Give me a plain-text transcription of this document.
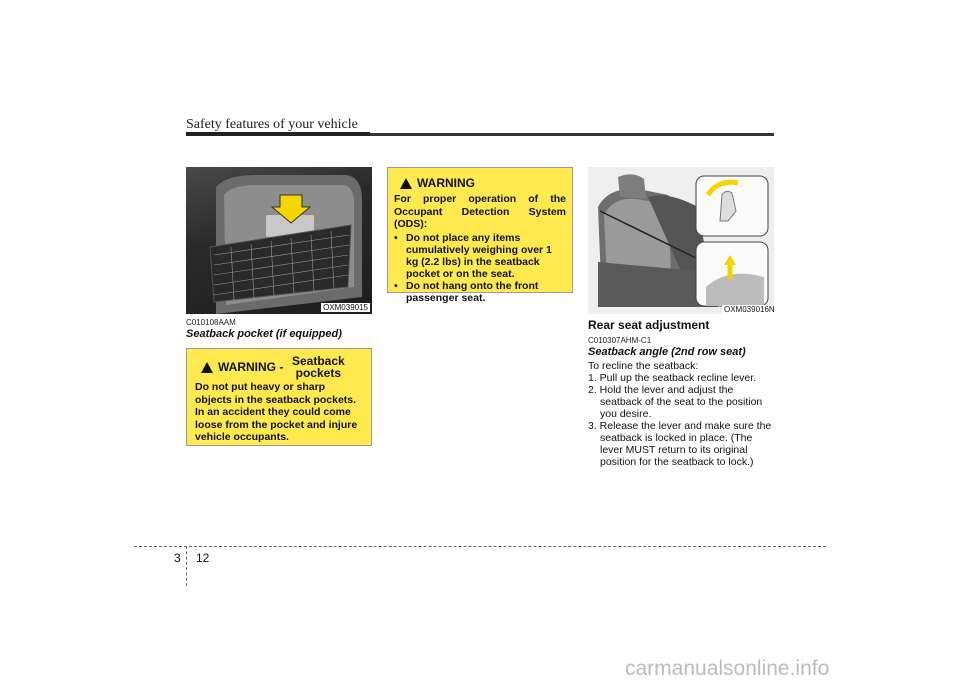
Safety features of your vehicle
OXM039015
C010108AAM
Seatback pocket (if equipped)
WARNING - Seatback pockets
Do not put heavy or sharp objects in the seatback pockets. In an accident they could come loose from the pocket and injure vehicle occupants.
WARNING
For proper operation of the Occupant Detection System (ODS):
• Do not place any items cumulatively weighing over 1 kg (2.2 lbs) in the seatback pocket or on the seat.
• Do not hang onto the front passenger seat.
OXM039016N
Rear seat adjustment
C010307AHM-C1
Seatback angle (2nd row seat)
To recline the seatback:
1. Pull up the seatback recline lever.
2. Hold the lever and adjust the seatback of the seat to the position you desire.
3. Release the lever and make sure the seatback is locked in place. (The lever MUST return to its original position for the seatback to lock.)
3 12
carmanualsonline.info
